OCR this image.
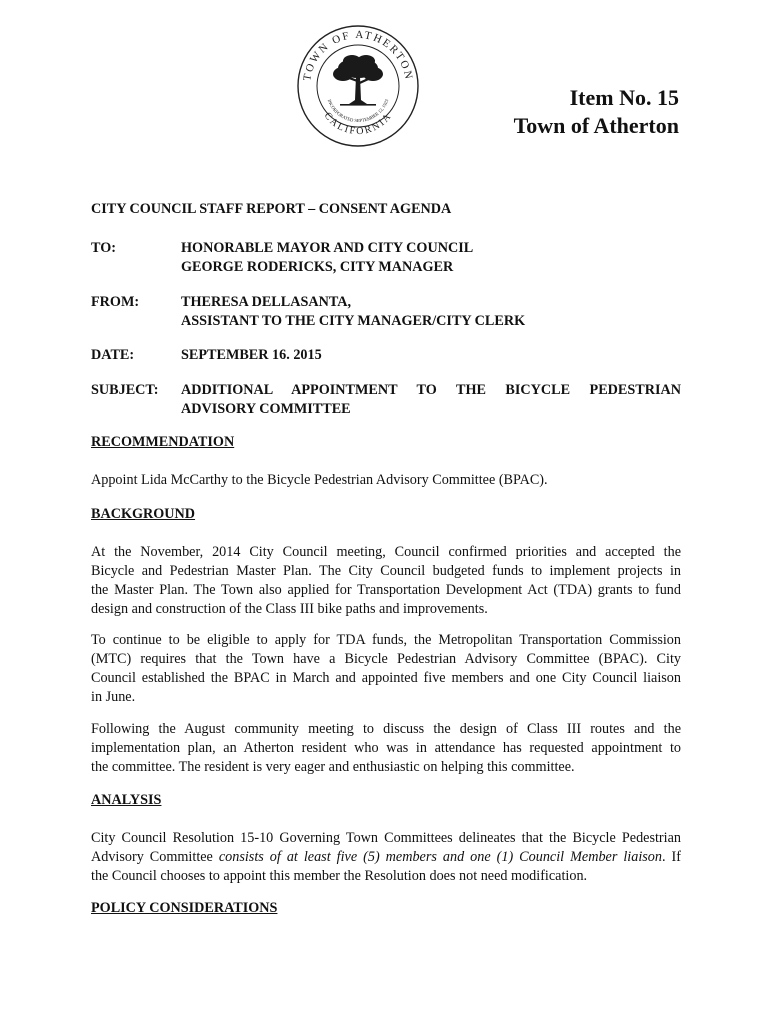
TOWN OF ATHERTON
CALIFORNIA
INCORPORATED SEPTEMBER 12, 1923	Item No. 15
Town of Atherton
CITY COUNCIL STAFF REPORT – CONSENT AGENDA
TO:	HONORABLE MAYOR AND CITY COUNCIL
GEORGE RODERICKS, CITY MANAGER
FROM:	THERESA DELLASANTA,
ASSISTANT TO THE CITY MANAGER/CITY CLERK
DATE:	SEPTEMBER 16. 2015
SUBJECT:	ADDITIONAL APPOINTMENT TO THE BICYCLE PEDESTRIAN
ADVISORY COMMITTEE
RECOMMENDATION
Appoint Lida McCarthy to the Bicycle Pedestrian Advisory Committee (BPAC).
BACKGROUND
At the November, 2014 City Council meeting, Council confirmed priorities and accepted the
Bicycle and Pedestrian Master Plan. The City Council budgeted funds to implement projects in
the Master Plan. The Town also applied for Transportation Development Act (TDA) grants to fund
design and construction of the Class III bike paths and improvements.
To continue to be eligible to apply for TDA funds, the Metropolitan Transportation Commission
(MTC) requires that the Town have a Bicycle Pedestrian Advisory Committee (BPAC). City
Council established the BPAC in March and appointed five members and one City Council liaison
in June.
Following the August community meeting to discuss the design of Class III routes and the
implementation plan, an Atherton resident who was in attendance has requested appointment to
the committee. The resident is very eager and enthusiastic on helping this committee.
ANALYSIS
City Council Resolution 15-10 Governing Town Committees delineates that the Bicycle Pedestrian
Advisory Committee consists of at least five (5) members and one (1) Council Member liaison. If
the Council chooses to appoint this member the Resolution does not need modification.
POLICY CONSIDERATIONS
